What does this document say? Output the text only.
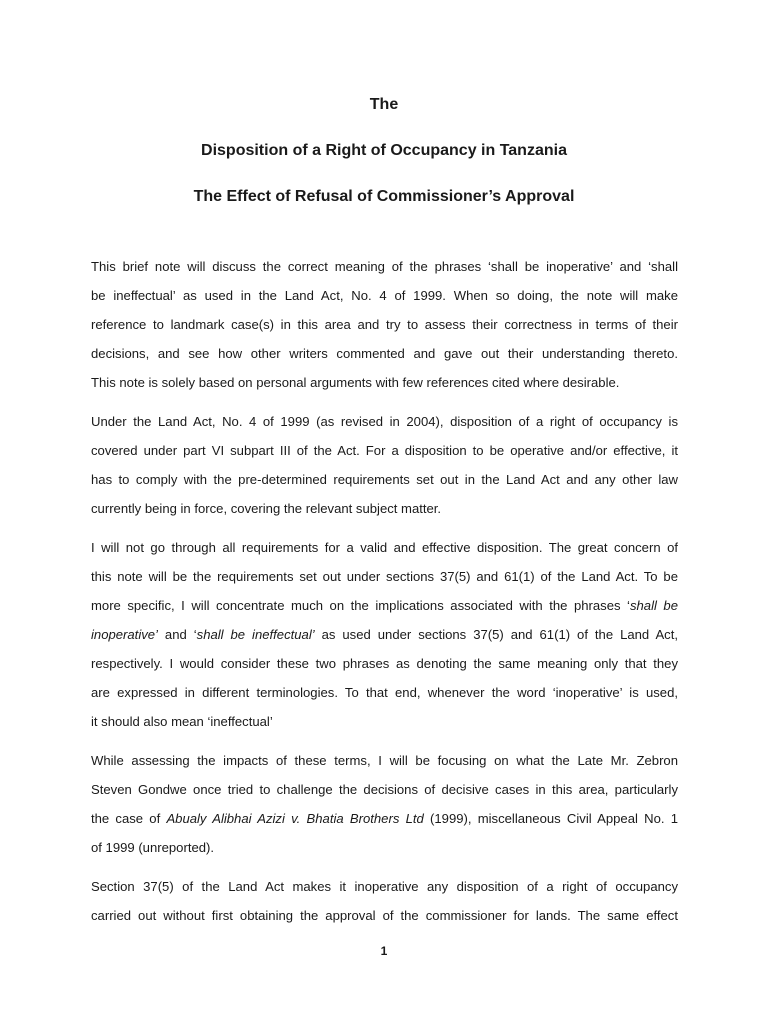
The
Disposition of a Right of Occupancy in Tanzania
The Effect of Refusal of Commissioner’s Approval
This brief note will discuss the correct meaning of the phrases ‘shall be inoperative’ and ‘shall
be ineffectual’ as used in the Land Act, No. 4 of 1999. When so doing, the note will make
reference to landmark case(s) in this area and try to assess their correctness in terms of their
decisions, and see how other writers commented and gave out their understanding thereto.
This note is solely based on personal arguments with few references cited where desirable.
Under the Land Act, No. 4 of 1999 (as revised in 2004), disposition of a right of occupancy is
covered under part VI subpart III of the Act. For a disposition to be operative and/or effective, it
has to comply with the pre-determined requirements set out in the Land Act and any other law
currently being in force, covering the relevant subject matter.
I will not go through all requirements for a valid and effective disposition. The great concern of
this note will be the requirements set out under sections 37(5) and 61(1) of the Land Act. To be
more specific, I will concentrate much on the implications associated with the phrases ‘shall be
inoperative’ and ‘shall be ineffectual’ as used under sections 37(5) and 61(1) of the Land Act,
respectively. I would consider these two phrases as denoting the same meaning only that they
are expressed in different terminologies. To that end, whenever the word ‘inoperative’ is used,
it should also mean ‘ineffectual’
While assessing the impacts of these terms, I will be focusing on what the Late Mr. Zebron
Steven Gondwe once tried to challenge the decisions of decisive cases in this area, particularly
the case of Abualy Alibhai Azizi v. Bhatia Brothers Ltd (1999), miscellaneous Civil Appeal No. 1
of 1999 (unreported).
Section 37(5) of the Land Act makes it inoperative any disposition of a right of occupancy
carried out without first obtaining the approval of the commissioner for lands. The same effect
1
